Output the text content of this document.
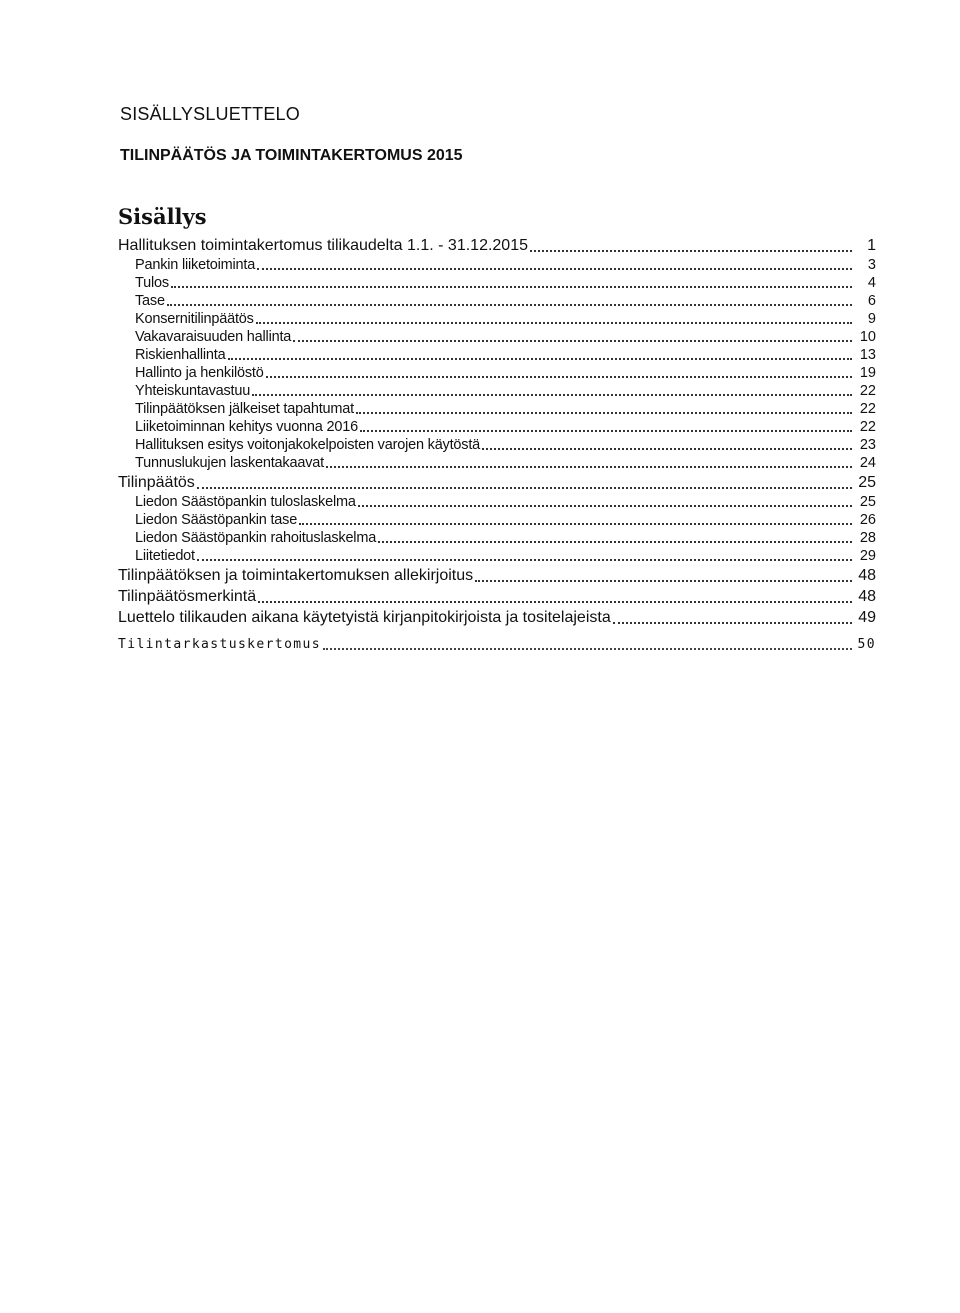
SISÄLLYSLUETTELO
TILINPÄÄTÖS JA TOIMINTAKERTOMUS 2015
Sisällys
Hallituksen toimintakertomus tilikaudelta 1.1. - 31.12.2015	1
Pankin liiketoiminta	3
Tulos	4
Tase	6
Konsernitilinpäätös	9
Vakavaraisuuden hallinta	10
Riskienhallinta	13
Hallinto ja henkilöstö	19
Yhteiskuntavastuu	22
Tilinpäätöksen jälkeiset tapahtumat	22
Liiketoiminnan kehitys vuonna 2016	22
Hallituksen esitys voitonjakokelpoisten varojen käytöstä	23
Tunnuslukujen laskentakaavat	24
Tilinpäätös	25
Liedon Säästöpankin tuloslaskelma	25
Liedon Säästöpankin tase	26
Liedon Säästöpankin rahoituslaskelma	28
Liitetiedot	29
Tilinpäätöksen ja toimintakertomuksen allekirjoitus	48
Tilinpäätösmerkintä	48
Luettelo tilikauden aikana käytetyistä kirjanpitokirjoista ja tositelajeista	49
Tilintarkastuskertomus	50
